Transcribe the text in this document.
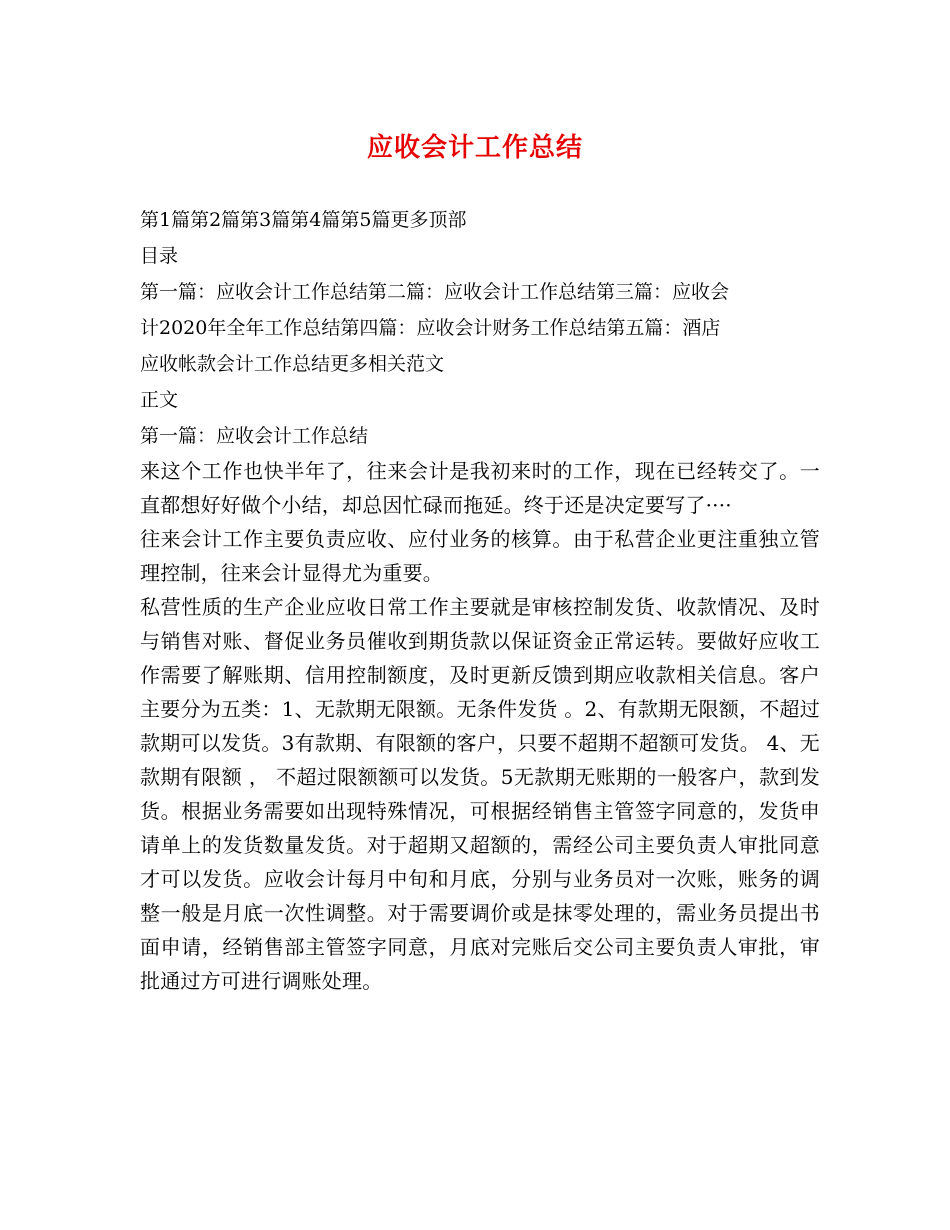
应收会计工作总结
第1篇第2篇第3篇第4篇第5篇更多顶部
目录
第一篇：应收会计工作总结第二篇：应收会计工作总结第三篇：应收会
计2020年全年工作总结第四篇：应收会计财务工作总结第五篇：酒店
应收帐款会计工作总结更多相关范文
正文
第一篇：应收会计工作总结

来这个工作也快半年了，往来会计是我初来时的工作，现在已经转交了。一直都想好好做个小结，却总因忙碌而拖延。终于还是决定要写了····

往来会计工作主要负责应收、应付业务的核算。由于私营企业更注重独立管理控制，往来会计显得尤为重要。

私营性质的生产企业应收日常工作主要就是审核控制发货、收款情况、及时与销售对账、督促业务员催收到期货款以保证资金正常运转。要做好应收工作需要了解账期、信用控制额度，及时更新反馈到期应收款相关信息。客户主要分为五类：1、无款期无限额。无条件发货 。2、有款期无限额，不超过款期可以发货。3有款期、有限额的客户，只要不超期不超额可发货。 4、无款期有限额 ， 不超过限额额可以发货。5无款期无账期的一般客户，款到发货。根据业务需要如出现特殊情况，可根据经销售主管签字同意的，发货申请单上的发货数量发货。对于超期又超额的，需经公司主要负责人审批同意才可以发货。应收会计每月中旬和月底，分别与业务员对一次账，账务的调整一般是月底一次性调整。对于需要调价或是抹零处理的，需业务员提出书面申请，经销售部主管签字同意，月底对完账后交公司主要负责人审批，审批通过方可进行调账处理。
